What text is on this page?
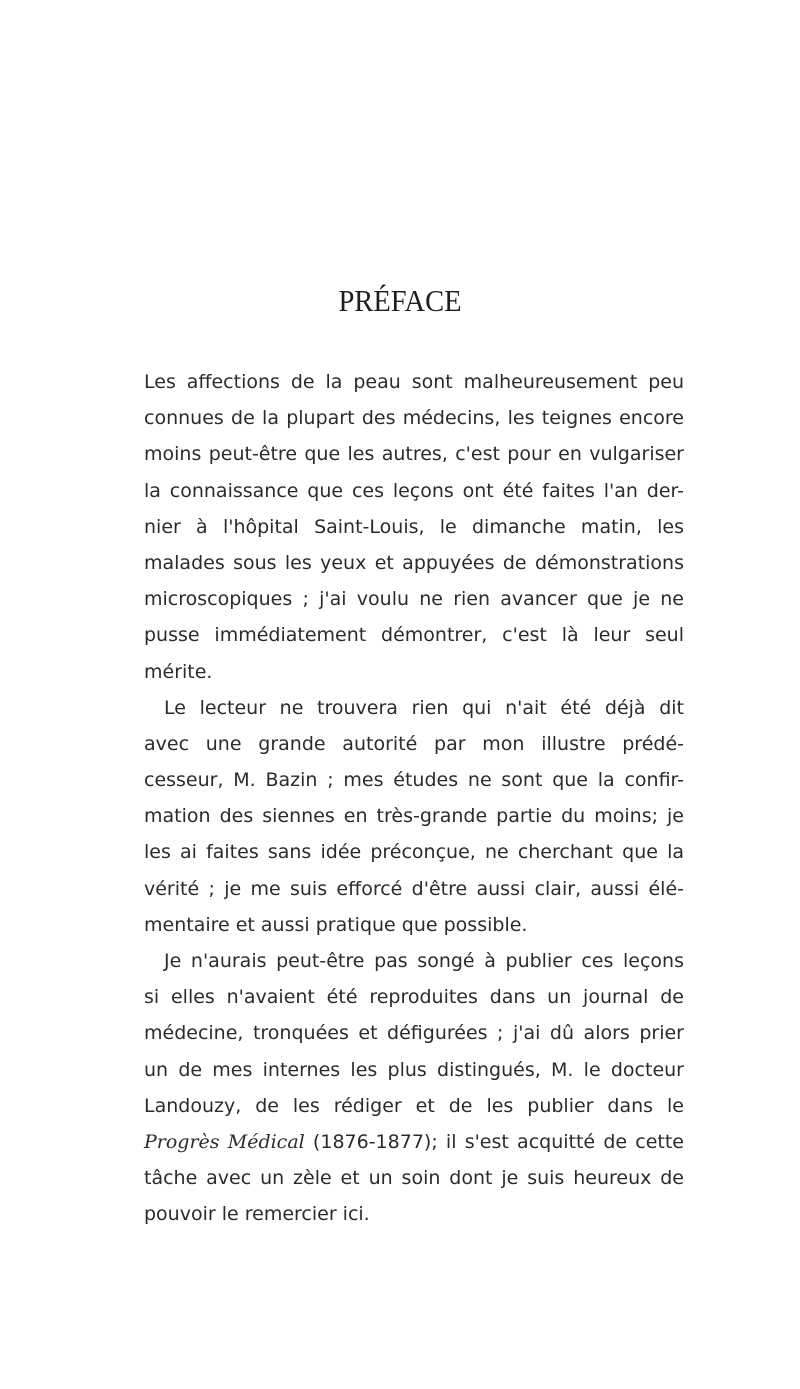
PRÉFACE
Les affections de la peau sont malheureusement peu
connues de la plupart des médecins, les teignes encore
moins peut-être que les autres, c'est pour en vulgariser
la connaissance que ces leçons ont été faites l'an der-
nier à l'hôpital Saint-Louis, le dimanche matin, les
malades sous les yeux et appuyées de démonstrations
microscopiques ; j'ai voulu ne rien avancer que je ne
pusse immédiatement démontrer, c'est là leur seul
mérite.
Le lecteur ne trouvera rien qui n'ait été déjà dit
avec une grande autorité par mon illustre prédé-
cesseur, M. Bazin ; mes études ne sont que la confir-
mation des siennes en très-grande partie du moins; je
les ai faites sans idée préconçue, ne cherchant que la
vérité ; je me suis efforcé d'être aussi clair, aussi élé-
mentaire et aussi pratique que possible.
Je n'aurais peut-être pas songé à publier ces leçons
si elles n'avaient été reproduites dans un journal de
médecine, tronquées et défigurées ; j'ai dû alors prier
un de mes internes les plus distingués, M. le docteur
Landouzy, de les rédiger et de les publier dans le
Progrès Médical (1876-1877); il s'est acquitté de cette
tâche avec un zèle et un soin dont je suis heureux de
pouvoir le remercier ici.
